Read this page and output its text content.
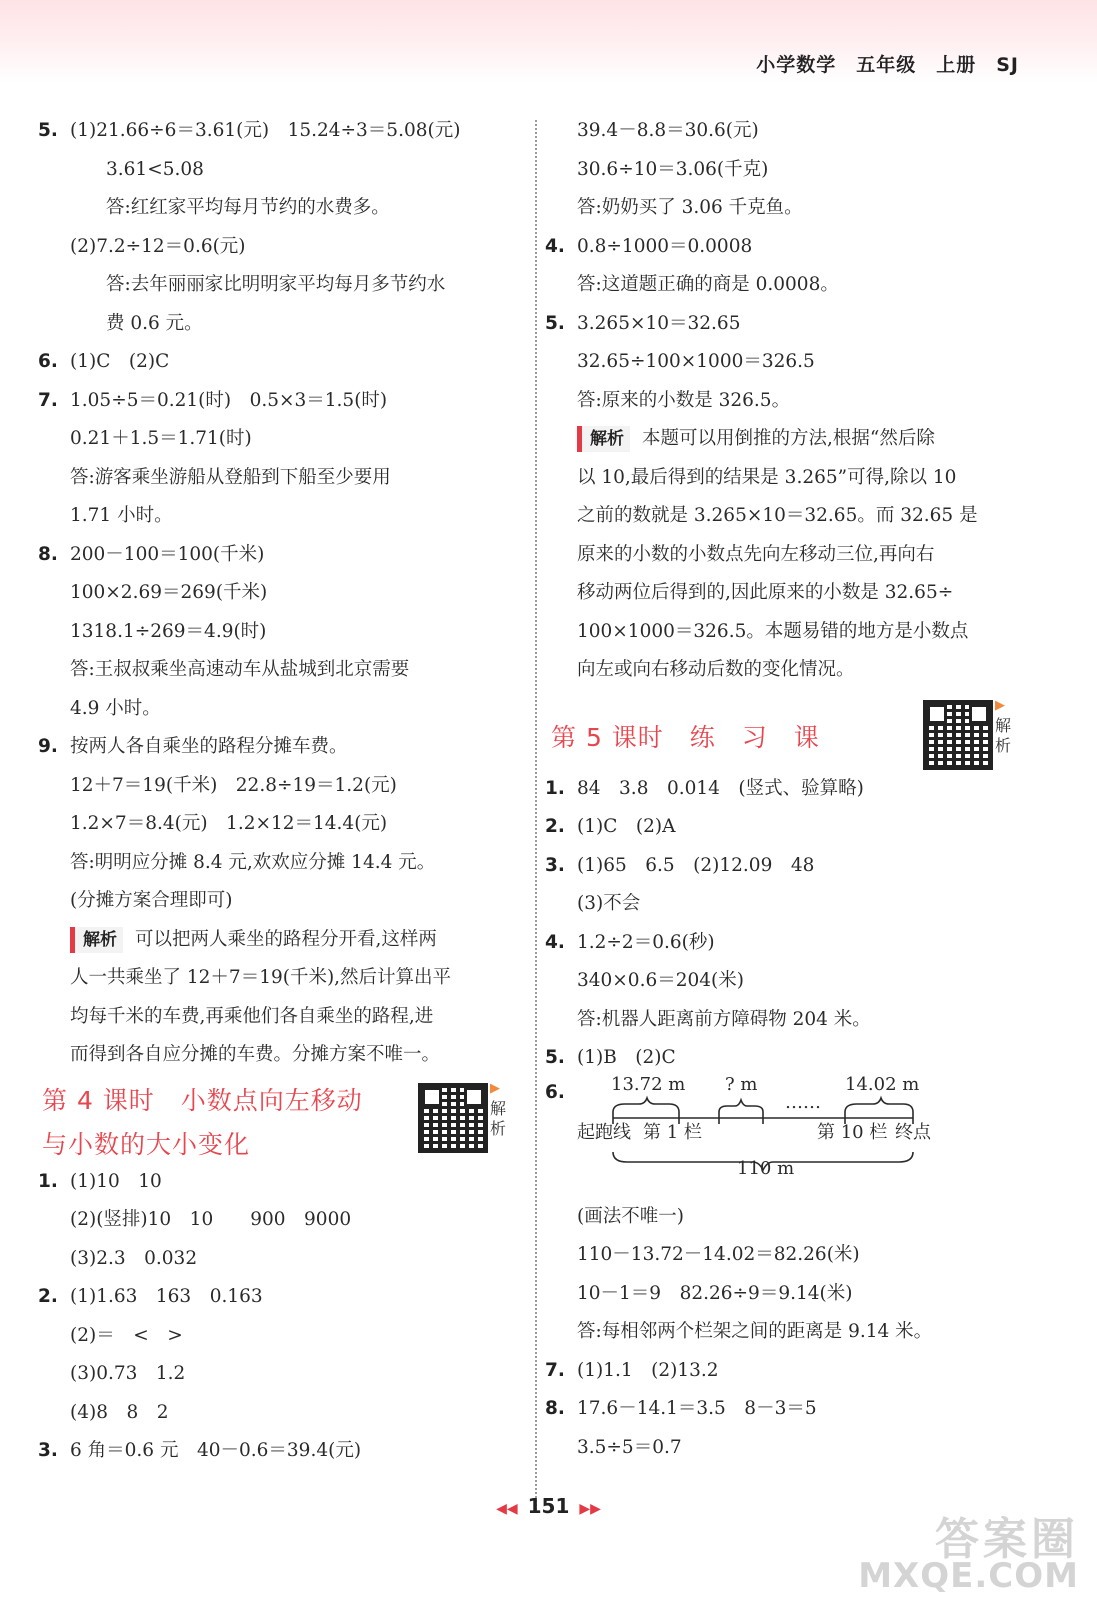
小学数学　五年级　上册　SJ
5. (1)21.66÷6＝3.61(元)　15.24÷3＝5.08(元)
3.61<5.08
答:红红家平均每月节约的水费多。
(2)7.2÷12＝0.6(元)
答:去年丽丽家比明明家平均每月多节约水
费 0.6 元。
6. (1)C　(2)C
7. 1.05÷5＝0.21(时)　0.5×3＝1.5(时)
0.21＋1.5＝1.71(时)
答:游客乘坐游船从登船到下船至少要用
1.71 小时。
8. 200－100＝100(千米)
100×2.69＝269(千米)
1318.1÷269＝4.9(时)
答:王叔叔乘坐高速动车从盐城到北京需要
4.9 小时。
9. 按两人各自乘坐的路程分摊车费。
12＋7＝19(千米)　22.8÷19＝1.2(元)
1.2×7＝8.4(元)　1.2×12＝14.4(元)
答:明明应分摊 8.4 元,欢欢应分摊 14.4 元。
(分摊方案合理即可)
解析 可以把两人乘坐的路程分开看,这样两
人一共乘坐了 12＋7＝19(千米),然后计算出平
均每千米的车费,再乘他们各自乘坐的路程,进
而得到各自应分摊的车费。分摊方案不唯一。
第 4 课时　小数点向左移动
与小数的大小变化
▶
解析
1. (1)10　10
(2)(竖排)10　10　　900　9000
(3)2.3　0.032
2. (1)1.63　163　0.163
(2)＝　<　>
(3)0.73　1.2
(4)8　8　2
3. 6 角＝0.6 元　40－0.6＝39.4(元)
39.4－8.8＝30.6(元)
30.6÷10＝3.06(千克)
答:奶奶买了 3.06 千克鱼。
4. 0.8÷1000＝0.0008
答:这道题正确的商是 0.0008。
5. 3.265×10＝32.65
32.65÷100×1000＝326.5
答:原来的小数是 326.5。
解析 本题可以用倒推的方法,根据“然后除
以 10,最后得到的结果是 3.265”可得,除以 10
之前的数就是 3.265×10＝32.65。而 32.65 是
原来的小数的小数点先向左移动三位,再向右
移动两位后得到的,因此原来的小数是 32.65÷
100×1000＝326.5。本题易错的地方是小数点
向左或向右移动后数的变化情况。
第 5 课时　练　习　课
▶
解析
1. 84　3.8　0.014　(竖式、验算略)
2. (1)C　(2)A
3. (1)65　6.5　(2)12.09　48
(3)不会
4. 1.2÷2＝0.6(秒)
340×0.6＝204(米)
答:机器人距离前方障碍物 204 米。
5. (1)B　(2)C
6.	13.72 m ? m
……
14.02 m
起跑线 第 1 栏	第 10 栏 终点
110 m
(画法不唯一)
110－13.72－14.02＝82.26(米)
10－1＝9　82.26÷9＝9.14(米)
答:每相邻两个栏架之间的距离是 9.14 米。
7. (1)1.1　(2)13.2
8. 17.6－14.1＝3.5　8－3＝5
3.5÷5＝0.7
◀◀ 151 ▶▶
答案圈
MXQE.COM
